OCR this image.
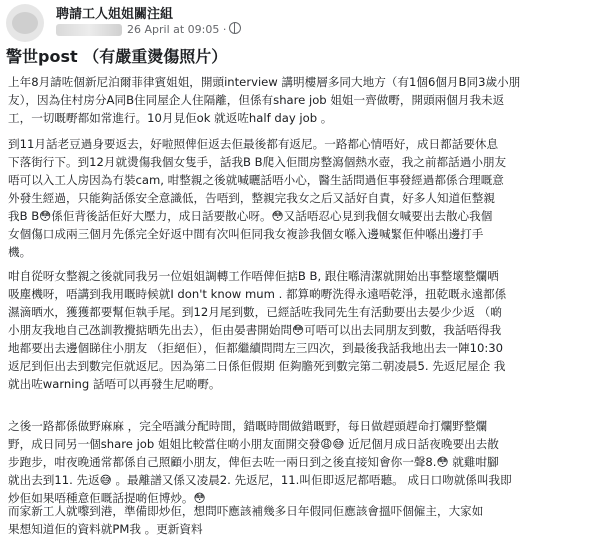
聘請工人姐姐關注組
26 April at 09:05 ·
警世post （有嚴重燙傷照片）

上年8月請咗個新尼泊爾菲律賓姐姐，開頭interview 講明樓層多同大地方（有1個6個月B同3歲小朋
友），因為住村房分A同B住同屋企人住隔離，但係有share job 姐姐一齊做嘢，開頭兩個月我未返
工，一切嘅嘢都如常進行。10月見佢ok 就返咗half day job 。

到11月話老豆過身要返去，好啦照俾佢返去佢最後都有返尼。一路都心情唔好，成日都話要休息
下落街行下。到12月就燙傷我個女隻手，話我B B爬入佢間房整瀉個熱水壺，我之前都話過小朋友
唔可以入工人房因為冇裝cam, 咁整親之後就喊曬話唔小心，醫生話問過佢事發經過都係合理嘅意
外發生經過，只能夠話係安全意識低，告唔到，整親完我女之后又話好自責，好多人知道佢整親
我B B😳係佢背後話佢好大壓力，成日話要散心呀。😳又話唔忍心見到我個女喊要出去散心我個
女個傷口成兩三個月先係完全好返中間有次叫佢同我女複診我個女喺入邊喊緊佢仲喺出邊打手
機。

咁自從呀女整親之後就同我另一位姐姐調轉工作唔俾佢掂B B, 跟住喺清潔就開始出事整壞整爛哂
吸塵機呀，唔講到我用嘅時候就I don't know mum . 都算啲嘢洗得永遠唔乾淨，扭乾嘅永遠都係
濕滴晒水，獲獲都要幫佢執手尾。到12月尾到數，已經話咗我同先生有活動要出去晏少少返 （啲
小朋友我地自己氹訓教攪掂晒先出去），佢由晏書開始問😳可唔可以出去同朋友到數，我話唔得我
地都要出去邊個睇住小朋友 （拒絕佢），佢都繼續問問左三四次，到最後我話我地出去一陣10:30
返尼到佢出去到數完佢就返尼。因為第二日係佢假期 佢夠膽死到數完第二朝凌晨5. 先返尼屋企 我
就出咗warning 話唔可以再發生尼啲嘢。

之後一路都係做野麻麻 ，完全唔識分配時間，錯嘅時間做錯嘅野，每日做趕頭趕命打爛野整爛
野，成日同另一個share job 姐姐比較當住啲小朋友面開交發😩😅 近尼個月成日話夜晚要出去散
步跑步，咁夜晚通常都係自己照顧小朋友，俾佢去咗一兩日到之後直接知會你一聲8.😳 就雞咁腳
就出去到11. 先返😅 。最離譜又係又凌晨2. 先返尼，11.叫佢即返尼都唔聽。 成日口吻就係叫我即
炒佢如果唔種意佢嘅話提啲佢博炒。😳

而家新工人就嚟到港，準備即炒佢，想問吓應該補幾多日年假同佢應該會搵吓個僱主，大家如
果想知道佢的資料就PM我 。更新資料
